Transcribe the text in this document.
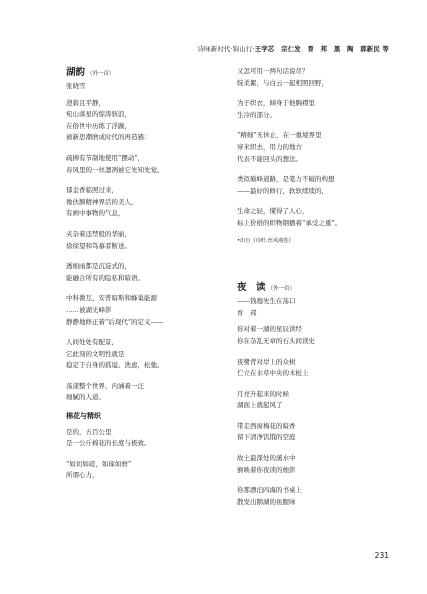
诗咏新时代·锦山行·王学芯　宗仁发　育　邦　黑　陶　郭新民 等
湖韵 （外一首）
张晓雪
澄碧且平静，
宛山落星的惊涛骇浪，
在俗世中历练了浮躁，
被新思潮磨成时代的再造感：
疏柳有节制地使用“摆动”，
春风里的一丝凛冽被它先知先觉。
郁金香临照过来，
像伙额精神界活的美人，
有画中事物的气息，
夹杂着违禁般的华丽，
徐徐望和笃慕者断送。
透细雨都是沉淀式的，
能融合所有的隐私和暗语。
中科微互、安普暗斯和蜂巢能源
……被湖光峰影
静静地修正着“后现代”的定义——
人间处处有配景，
它此刻的文明性就是
稳定于自身的孤谥。洗虑，松弛。
荡漾整个世界，内涵着一汪
细腻的人道。
棉花与精织
是的，五百公里
是一公斤棉花的长度与极致。
“如切如磋，如琢如磨”
所谓心力，
又怎可用一两句话说尽？
绽柔絮，与白云一起相照回野，
为子织衣，倾身于他胸襟里
生冷的部分。
“精细”无休止，在一重境界里
穿来织去，用力的地方
代表不能回头的想法。
类似巅峰道路，是笔力不破的构想
——最好的修行，软软续续的，
生命之轻，懂得了人心，
标上价格的织物钢播着“承受之重”。
•出自《诗旺.丝风漫卷》
夜　读 （外一首）
——钱穆先生在荡口
育　邦
你对着一湖的星辰读经
你在杂乱无章的石头间读史
夜鹭背对岸上的众树
伫立在水草中央的木桩上
月亮升起来的时候
湖面上就起风了
带走西窗梅花的暗香
留下清净饥饿的空庭
故土最深处的溪水中
倒映着你夜读的烛影
你那漂泊四海的书桌上
散发出鹅湖的鱼腥味
231
